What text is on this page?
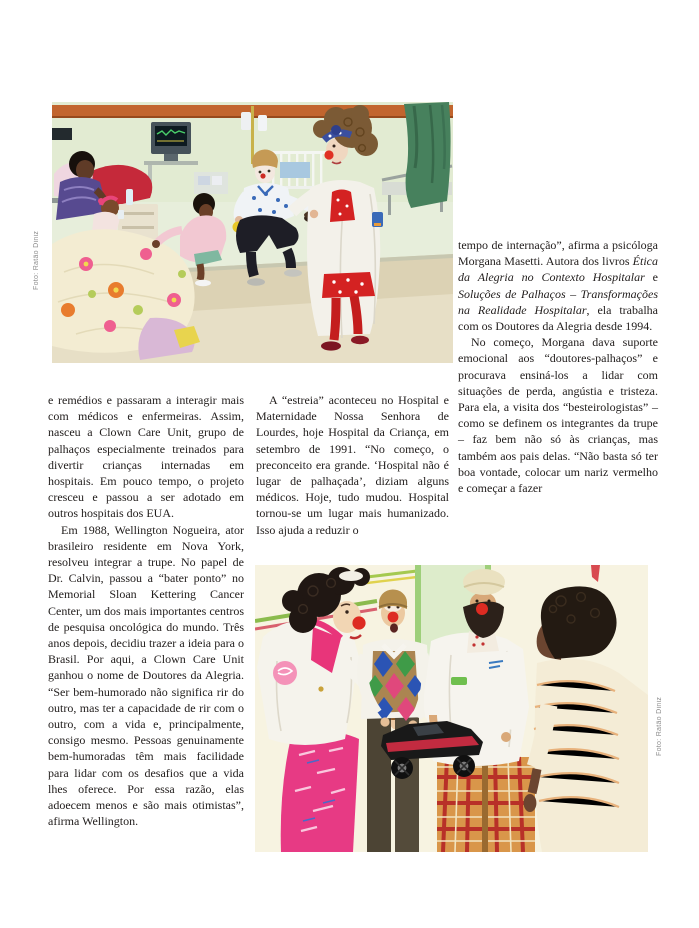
Foto: Ratão Diniz
Foto: Ratão Diniz

e remédios e passaram a interagir mais com médicos e enfermeiras. Assim, nasceu a Clown Care Unit, grupo de palhaços especialmente treinados para divertir crianças internadas em hospitais. Em pouco tempo, o projeto cresceu e passou a ser adotado em outros hospitais dos EUA.

Em 1988, Wellington Nogueira, ator brasileiro residente em Nova York, resolveu integrar a trupe. No papel de Dr. Calvin, passou a “bater ponto” no Memorial Sloan Kettering Cancer Center, um dos mais importantes centros de pesquisa oncológica do mundo. Três anos depois, decidiu trazer a ideia para o Brasil. Por aqui, a Clown Care Unit ganhou o nome de Doutores da Alegria. “Ser bem-humorado não significa rir do outro, mas ter a capacidade de rir com o outro, com a vida e, principalmente, consigo mesmo. Pessoas genuinamente bem-humoradas têm mais facilidade para lidar com os desafios que a vida lhes oferece. Por essa razão, elas adoecem menos e são mais otimistas”, afirma Wellington.

A “estreia” aconteceu no Hospital e Maternidade Nossa Senhora de Lourdes, hoje Hospital da Criança, em setembro de 1991. “No começo, o preconceito era grande. ‘Hospital não é lugar de palhaçada’, diziam alguns médicos. Hoje, tudo mudou. Hospital tornou-se um lugar mais humanizado. Isso ajuda a reduzir o

tempo de internação”, afirma a psicóloga Morgana Masetti. Autora dos livros Ética da Alegria no Contexto Hospitalar e Soluções de Palhaços – Transformações na Realidade Hospitalar, ela trabalha com os Doutores da Alegria desde 1994.

No começo, Morgana dava suporte emocional aos “doutores-palhaços” e procurava ensiná-los a lidar com situações de perda, angústia e tristeza. Para ela, a visita dos “besteirologistas” – como se definem os integrantes da trupe – faz bem não só às crianças, mas também aos pais delas. “Não basta só ter boa vontade, colocar um nariz vermelho e começar a fazer
